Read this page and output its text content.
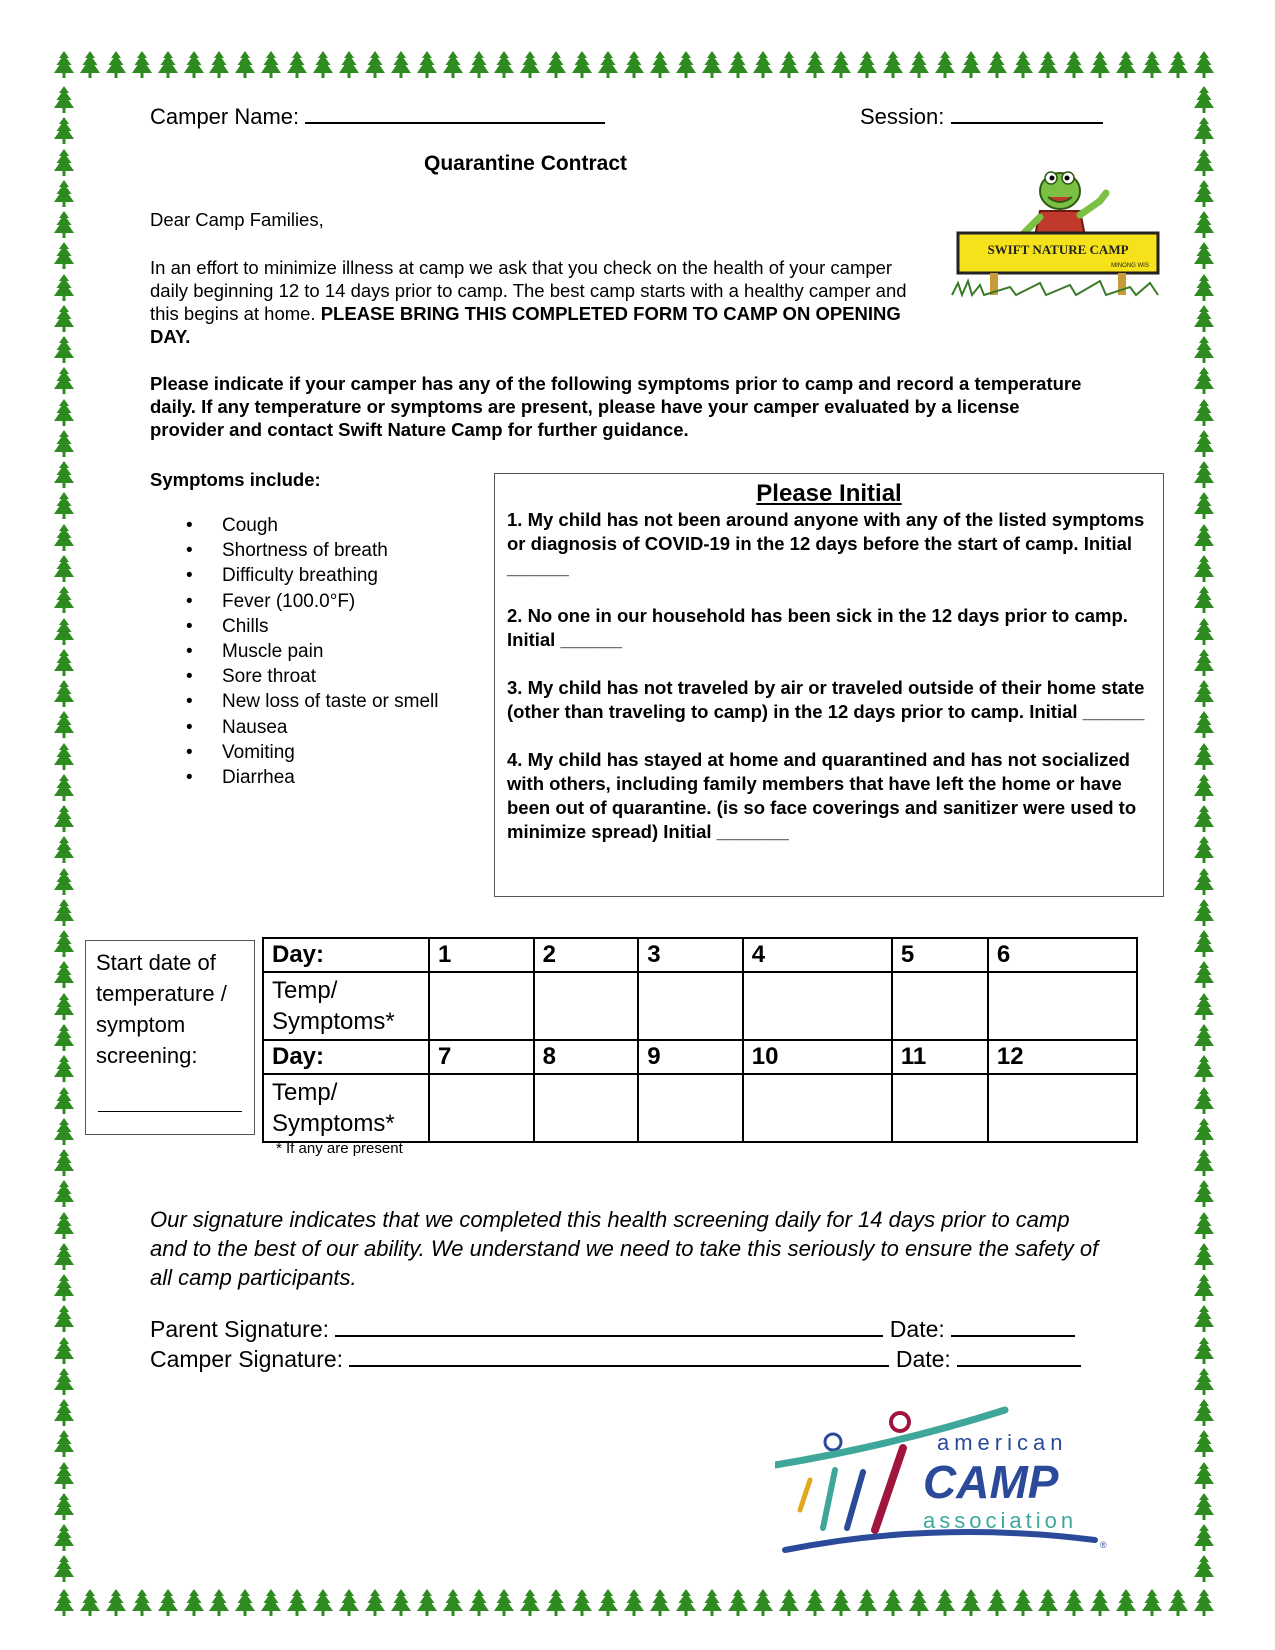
Camper Name:	Session:
Quarantine Contract
Dear Camp Families,
In an effort to minimize illness at camp we ask that you check on the health of your camper daily beginning 12 to 14 days prior to camp. The best camp starts with a healthy camper and this begins at home. PLEASE BRING THIS COMPLETED FORM TO CAMP ON OPENING DAY.
SWIFT NATURE CAMP
MINONG WIS
Please indicate if your camper has any of the following symptoms prior to camp and record a temperature daily. If any temperature or symptoms are present, please have your camper evaluated by a license provider and contact Swift Nature Camp for further guidance.
Symptoms include:
• Cough
• Shortness of breath
• Difficulty breathing
• Fever (100.0°F)
• Chills
• Muscle pain
• Sore throat
• New loss of taste or smell
• Nausea
• Vomiting
• Diarrhea
Please Initial

1. My child has not been around anyone with any of the listed symptoms or diagnosis of COVID-19 in the 12 days before the start of camp. Initial ______

2. No one in our household has been sick in the 12 days prior to camp. Initial ______

3. My child has not traveled by air or traveled outside of their home state (other than traveling to camp) in the 12 days prior to camp. Initial ______

4. My child has stayed at home and quarantined and has not socialized with others, including family members that have left the home or have been out of quarantine. (is so face coverings and sanitizer were used to minimize spread) Initial _______

Start date of temperature / symptom screening:
Day:	1	2	3	4	5	6
Temp/ Symptoms*						
Day:	7	8	9	10	11	12
Temp/ Symptoms*						
* If any are present
Our signature indicates that we completed this health screening daily for 14 days prior to camp and to the best of our ability. We understand we need to take this seriously to ensure the safety of all camp participants.
Parent Signature:	Date:
Camper Signature:	Date:
american
CAMP
association
®
